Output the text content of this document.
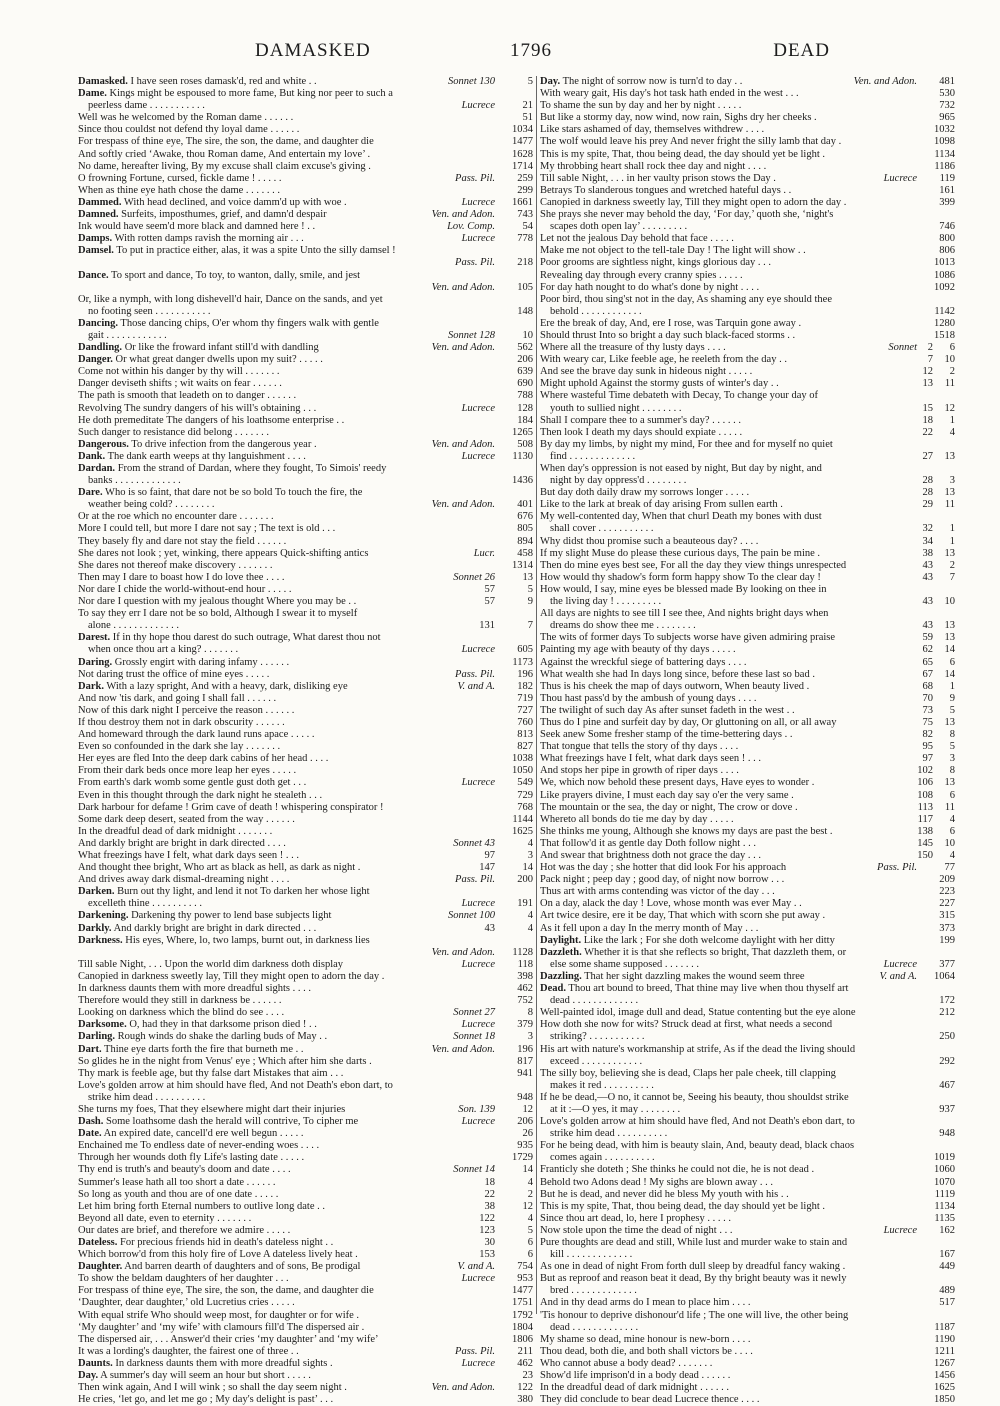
DAMASKED	1796	DEAD
Damasked. I have seen roses damask'd, red and white . .	Sonnet 130	5
Dame. Kings might be espoused to more fame, But king nor peer to such a
peerless dame . . . . . . . . . . .	Lucrece	21
Well was he welcomed by the Roman dame . . . . . .	51
Since thou couldst not defend thy loyal dame . . . . . .	1034
For trespass of thine eye, The sire, the son, the dame, and daughter die	1477
And softly cried ‘Awake, thou Roman dame, And entertain my love’ .	1628
No dame, hereafter living, By my excuse shall claim excuse's giving .	1714
O frowning Fortune, cursed, fickle dame ! . . . . .	Pass. Pil. 259
When as thine eye hath chose the dame . . . . . . .	299
Dammed. With head declined, and voice damm'd up with woe .	Lucrece 1661
Damned. Surfeits, imposthumes, grief, and damn'd despair	Ven. and Adon. 743
Ink would have seem'd more black and damned here ! . .	Lov. Comp.	54
Damps. With rotten damps ravish the morning air . . .	Lucrece 778
Damsel. To put in practice either, alas, it was a spite Unto the silly damsel !
Pass. Pil. 218
Dance. To sport and dance, To toy, to wanton, dally, smile, and jest
Ven. and Adon. 105
Or, like a nymph, with long dishevell'd hair, Dance on the sands, and yet
no footing seen . . . . . . . . . . .	148
Dancing. Those dancing chips, O'er whom thy fingers walk with gentle
gait . . . . . . . . . . . .	Sonnet 128	10
Dandling. Or like the froward infant still'd with dandling	Ven. and Adon. 562
Danger. Or what great danger dwells upon my suit? . . . . .	206
Come not within his danger by thy will . . . . . . .	639
Danger deviseth shifts ; wit waits on fear . . . . . .	690
The path is smooth that leadeth on to danger . . . . . .	788
Revolving The sundry dangers of his will's obtaining . . .	Lucrece 128
He doth premeditate The dangers of his loathsome enterprise . .	184
Such danger to resistance did belong . . . . . . .	1265
Dangerous. To drive infection from the dangerous year .	Ven. and Adon. 508
Dank. The dank earth weeps at thy languishment . . . .	Lucrece 1130
Dardan. From the strand of Dardan, where they fought, To Simois' reedy
banks . . . . . . . . . . . . .	1436
Dare. Who is so faint, that dare not be so bold To touch the fire, the
weather being cold? . . . . . . . .	Ven. and Adon. 401
Or at the roe which no encounter dare . . . . . . .	676
More I could tell, but more I dare not say ; The text is old . . .	805
They basely fly and dare not stay the field . . . . . .	894
She dares not look ; yet, winking, there appears Quick-shifting antics	Lucr. 458
She dares not thereof make discovery . . . . . . .	1314
Then may I dare to boast how I do love thee . . . .	Sonnet 26	13
Nor dare I chide the world-without-end hour . . . . .	57	5
Nor dare I question with my jealous thought Where you may be . .	57	9
To say they err I dare not be so bold, Although I swear it to myself
alone . . . . . . . . . . . . .	131	7
Darest. If in thy hope thou darest do such outrage, What darest thou not
when once thou art a king? . . . . . . .	Lucrece 605
Daring. Grossly engirt with daring infamy . . . . . .	1173
Not daring trust the office of mine eyes . . . . .	Pass. Pil. 196
Dark. With a lazy spright, And with a heavy, dark, disliking eye	V. and A. 182
And now 'tis dark, and going I shall fall . . . . . .	719
Now of this dark night I perceive the reason . . . . . .	727
If thou destroy them not in dark obscurity . . . . . .	760
And homeward through the dark laund runs apace . . . . .	813
Even so confounded in the dark she lay . . . . . . .	827
Her eyes are fled Into the deep dark cabins of her head . . . .	1038
From their dark beds once more leap her eyes . . . . .	1050
From earth's dark womb some gentle gust doth get . . .	Lucrece 549
Even in this thought through the dark night he stealeth . . .	729
Dark harbour for defame ! Grim cave of death ! whispering conspirator !	768
Some dark deep desert, seated from the way . . . . . .	1144
In the dreadful dead of dark midnight . . . . . . .	1625
And darkly bright are bright in dark directed . . . .	Sonnet 43	4
What freezings have I felt, what dark days seen ! . . .	97	3
And thought thee bright, Who art as black as hell, as dark as night .	147	14
And drives away dark dismal-dreaming night . . . .	Pass. Pil. 200
Darken. Burn out thy light, and lend it not To darken her whose light
excelleth thine . . . . . . . . . .	Lucrece 191
Darkening. Darkening thy power to lend base subjects light	Sonnet 100	4
Darkly. And darkly bright are bright in dark directed . . .	43	4
Darkness. His eyes, Where, lo, two lamps, burnt out, in darkness lies
Ven. and Adon. 1128
Till sable Night, . . . Upon the world dim darkness doth display	Lucrece 118
Canopied in darkness sweetly lay, Till they might open to adorn the day .	398
In darkness daunts them with more dreadful sights . . . .	462
Therefore would they still in darkness be . . . . . .	752
Looking on darkness which the blind do see . . . .	Sonnet 27	8
Darksome. O, had they in that darksome prison died ! . .	Lucrece 379
Darling. Rough winds do shake the darling buds of May . .	Sonnet 18	3
Dart. Thine eye darts forth the fire that burneth me . .	Ven. and Adon. 196
So glides he in the night from Venus' eye ; Which after him she darts .	817
Thy mark is feeble age, but thy false dart Mistakes that aim . . .	941
Love's golden arrow at him should have fled, And not Death's ebon dart, to
strike him dead . . . . . . . . . .	948
She turns my foes, That they elsewhere might dart their injuries	Son. 139	12
Dash. Some loathsome dash the herald will contrive, To cipher me	Lucrece 206
Date. An expired date, cancell'd ere well begun . . . . .	26
Enchained me To endless date of never-ending woes . . . .	935
Through her wounds doth fly Life's lasting date . . . . .	1729
Thy end is truth's and beauty's doom and date . . . .	Sonnet 14	14
Summer's lease hath all too short a date . . . . . .	18	4
So long as youth and thou are of one date . . . . .	22	2
Let him bring forth Eternal numbers to outlive long date . .	38	12
Beyond all date, even to eternity . . . . . . .	122	4
Our dates are brief, and therefore we admire . . . . .	123	5
Dateless. For precious friends hid in death's dateless night . .	30	6
Which borrow'd from this holy fire of Love A dateless lively heat .	153	6
Daughter. And barren dearth of daughters and of sons, Be prodigal	V. and A. 754
To show the beldam daughters of her daughter . . .	Lucrece 953
For trespass of thine eye, The sire, the son, the dame, and daughter die	1477
‘Daughter, dear daughter,’ old Lucretius cries . . . . .	1751
With equal strife Who should weep most, for daughter or for wife .	1792
‘My daughter’ and ‘my wife’ with clamours fill'd The dispersed air .	1804
The dispersed air, . . . Answer'd their cries ‘my daughter’ and ‘my wife’	1806
It was a lording's daughter, the fairest one of three . .	Pass. Pil. 211
Daunts. In darkness daunts them with more dreadful sights .	Lucrece 462
Day. A summer's day will seem an hour but short . . . . .	23
Then wink again, And I will wink ; so shall the day seem night .	Ven. and Adon. 122
He cries, ‘let go, and let me go ; My day's delight is past’ . . .	380
Day. The night of sorrow now is turn'd to day . .	Ven. and Adon. 481
With weary gait, His day's hot task hath ended in the west . . .	530
To shame the sun by day and her by night . . . . .	732
But like a stormy day, now wind, now rain, Sighs dry her cheeks .	965
Like stars ashamed of day, themselves withdrew . . . .	1032
The wolf would leave his prey And never fright the silly lamb that day .	1098
This is my spite, That, thou being dead, the day should yet be light .	1134
My throbbing heart shall rock thee day and night . . . .	1186
Till sable Night, . . . in her vaulty prison stows the Day .	Lucrece 119
Betrays To slanderous tongues and wretched hateful days . .	161
Canopied in darkness sweetly lay, Till they might open to adorn the day .	399
She prays she never may behold the day, ‘For day,’ quoth she, ‘night's
scapes doth open lay’ . . . . . . . . .	746
Let not the jealous Day behold that face . . . . .	800
Make me not object to the tell-tale Day ! The light will show . .	806
Poor grooms are sightless night, kings glorious day . . .	1013
Revealing day through every cranny spies . . . . .	1086
For day hath nought to do what's done by night . . . .	1092
Poor bird, thou sing'st not in the day, As shaming any eye should thee
behold . . . . . . . . . . . .	1142
Ere the break of day, And, ere I rose, was Tarquin gone away .	1280
Should thrust Into so bright a day such black-faced storms . .	1518
Where all the treasure of thy lusty days . . . .	Sonnet 2 6
With weary car, Like feeble age, he reeleth from the day . .	7 10
And see the brave day sunk in hideous night . . . . .	12 2
Might uphold Against the stormy gusts of winter's day . .	13 11
Where wasteful Time debateth with Decay, To change your day of
youth to sullied night . . . . . . . .	15 12
Shall I compare thee to a summer's day? . . . . . .	18 1
Then look I death my days should expiate . . . . .	22 4
By day my limbs, by night my mind, For thee and for myself no quiet
find . . . . . . . . . . . . .	27 13
When day's oppression is not eased by night, But day by night, and
night by day oppress'd . . . . . . . .	28 3
But day doth daily draw my sorrows longer . . . . .	28 13
Like to the lark at break of day arising From sullen earth .	29 11
My well-contented day, When that churl Death my bones with dust
shall cover . . . . . . . . . . .	32 1
Why didst thou promise such a beauteous day? . . . .	34 1
If my slight Muse do please these curious days, The pain be mine .	38 13
Then do mine eyes best see, For all the day they view things unrespected	43 2
How would thy shadow's form form happy show To the clear day !	43 7
How would, I say, mine eyes be blessed made By looking on thee in
the living day ! . . . . . . . . .	43 10
All days are nights to see till I see thee, And nights bright days when
dreams do show thee me . . . . . . . .	43 13
The wits of former days To subjects worse have given admiring praise	59 13
Painting my age with beauty of thy days . . . . .	62 14
Against the wreckful siege of battering days . . . .	65 6
What wealth she had In days long since, before these last so bad .	67 14
Thus is his cheek the map of days outworn, When beauty lived .	68 1
Thou hast pass'd by the ambush of young days . . . .	70 9
The twilight of such day As after sunset fadeth in the west . .	73 5
Thus do I pine and surfeit day by day, Or gluttoning on all, or all away	75 13
Seek anew Some fresher stamp of the time-bettering days . .	82 8
That tongue that tells the story of thy days . . . .	95 5
What freezings have I felt, what dark days seen ! . . .	97 3
And stops her pipe in growth of riper days . . . .	102 8
We, which now behold these present days, Have eyes to wonder .	106 13
Like prayers divine, I must each day say o'er the very same .	108 6
The mountain or the sea, the day or night, The crow or dove .	113 11
Whereto all bonds do tie me day by day . . . . .	117 4
She thinks me young, Although she knows my days are past the best .	138 6
That follow'd it as gentle day Doth follow night . . .	145 10
And swear that brightness doth not grace the day . . .	150 4
Hot was the day ; she hotter that did look For his approach	Pass. Pil.	77
Pack night ; peep day ; good day, of night now borrow . . .	209
Thus art with arms contending was victor of the day . . .	223
On a day, alack the day ! Love, whose month was ever May . .	227
Art twice desire, ere it be day, That which with scorn she put away .	315
As it fell upon a day In the merry month of May . . .	373
Daylight. Like the lark ; For she doth welcome daylight with her ditty	199
Dazzleth. Whether it is that she reflects so bright, That dazzleth them, or
else some shame supposed . . . . . . .	Lucrece 377
Dazzling. That her sight dazzling makes the wound seem three	V. and A. 1064
Dead. Thou art bound to breed, That thine may live when thou thyself art
dead . . . . . . . . . . . . .	172
Well-painted idol, image dull and dead, Statue contenting but the eye alone	212
How doth she now for wits? Struck dead at first, what needs a second
striking? . . . . . . . . . . .	250
His art with nature's workmanship at strife, As if the dead the living should
exceed . . . . . . . . . . . .	292
The silly boy, believing she is dead, Claps her pale cheek, till clapping
makes it red . . . . . . . . . .	467
If he be dead,—O no, it cannot be, Seeing his beauty, thou shouldst strike
at it :—O yes, it may . . . . . . . .	937
Love's golden arrow at him should have fled, And not Death's ebon dart, to
strike him dead . . . . . . . . . .	948
For he being dead, with him is beauty slain, And, beauty dead, black chaos
comes again . . . . . . . . . .	1019
Franticly she doteth ; She thinks he could not die, he is not dead .	1060
Behold two Adons dead ! My sighs are blown away . . .	1070
But he is dead, and never did he bless My youth with his . .	1119
This is my spite, That, thou being dead, the day should yet be light .	1134
Since thou art dead, lo, here I prophesy . . . . .	1135
Now stole upon the time the dead of night . . .	Lucrece 162
Pure thoughts are dead and still, While lust and murder wake to stain and
kill . . . . . . . . . . . . .	167
As one in dead of night From forth dull sleep by dreadful fancy waking .	449
But as reproof and reason beat it dead, By thy bright beauty was it newly
bred . . . . . . . . . . . . .	489
And in thy dead arms do I mean to place him . . . .	517
'Tis honour to deprive dishonour'd life ; The one will live, the other being
dead . . . . . . . . . . . . .	1187
My shame so dead, mine honour is new-born . . . .	1190
Thou dead, both die, and both shall victors be . . . .	1211
Who cannot abuse a body dead? . . . . . . .	1267
Show'd life imprison'd in a body dead . . . . . .	1456
In the dreadful dead of dark midnight . . . . . .	1625
They did conclude to bear dead Lucrece thence . . . .	1850
